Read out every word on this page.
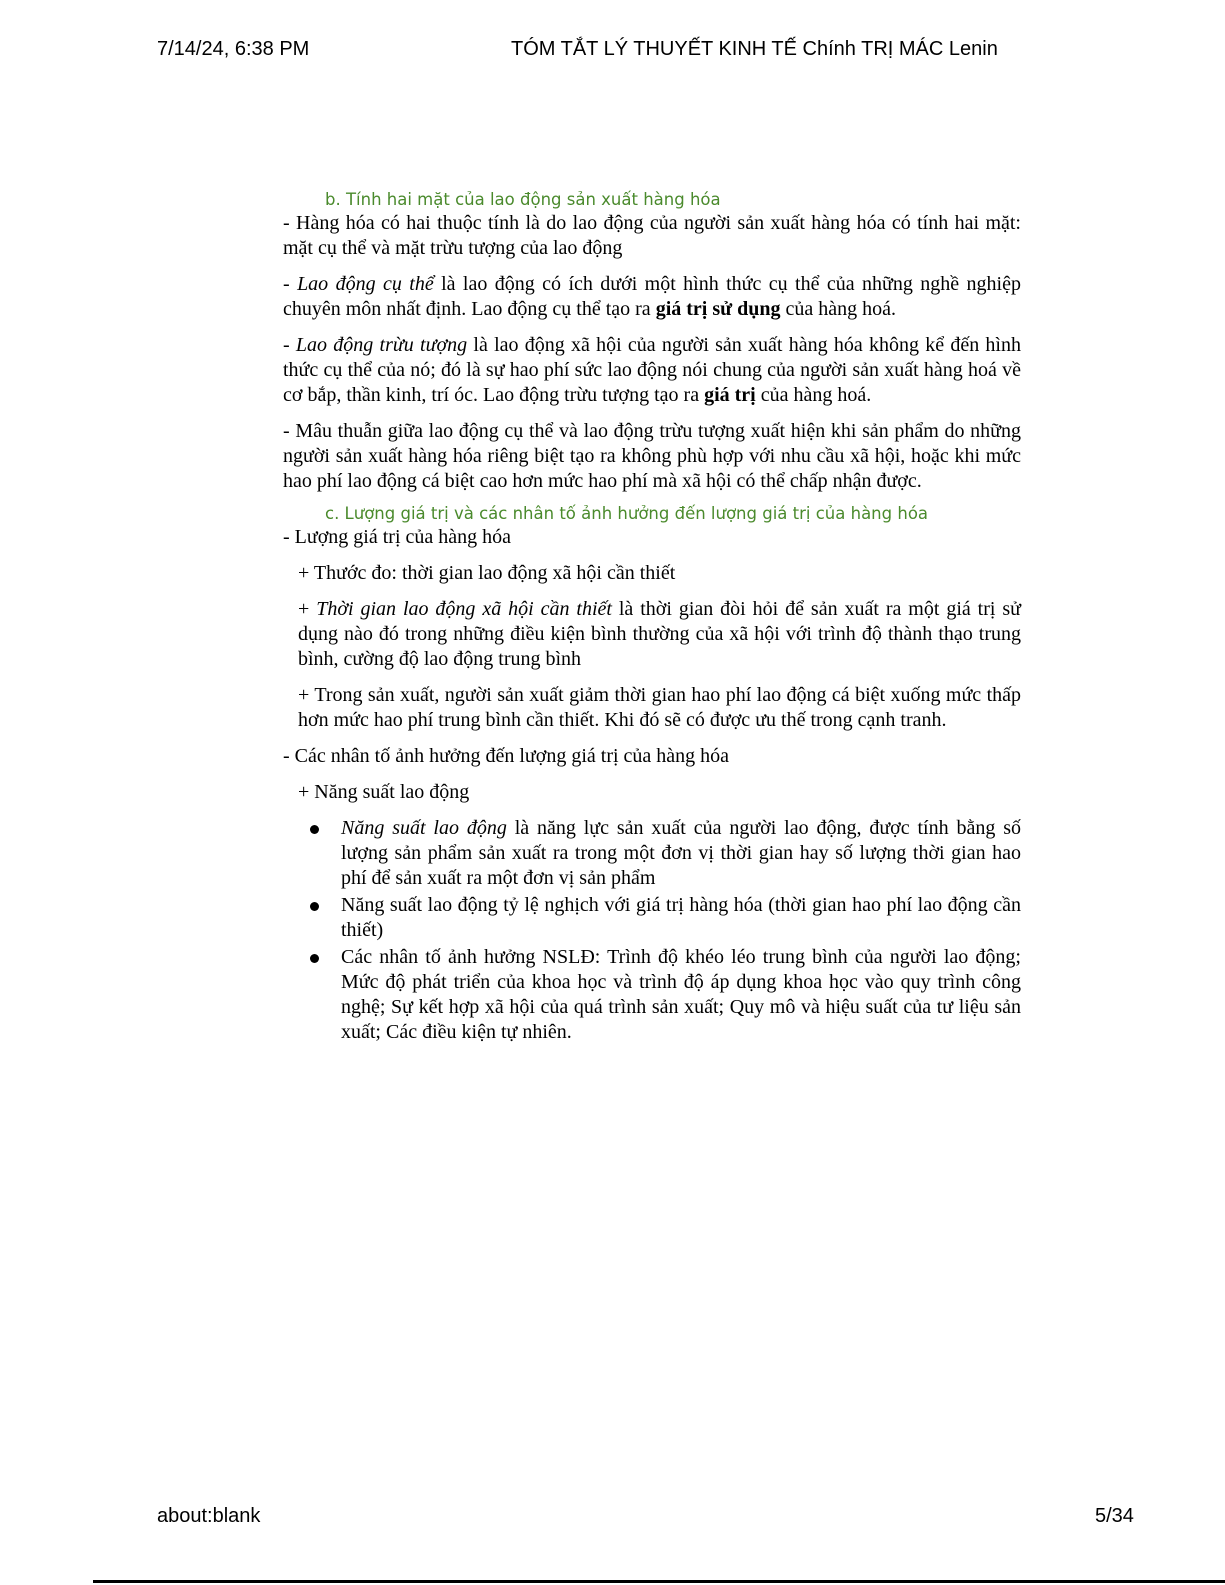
7/14/24, 6:38 PM	TÓM TẮT LÝ THUYẾT KINH TẾ Chính TRỊ MÁC Lenin
b. Tính hai mặt của lao động sản xuất hàng hóa

- Hàng hóa có hai thuộc tính là do lao động của người sản xuất hàng hóa có tính hai mặt: mặt cụ thể và mặt trừu tượng của lao động

- Lao động cụ thể là lao động có ích dưới một hình thức cụ thể của những nghề nghiệp chuyên môn nhất định. Lao động cụ thể tạo ra giá trị sử dụng của hàng hoá.

- Lao động trừu tượng là lao động xã hội của người sản xuất hàng hóa không kể đến hình thức cụ thể của nó; đó là sự hao phí sức lao động nói chung của người sản xuất hàng hoá về cơ bắp, thần kinh, trí óc. Lao động trừu tượng tạo ra giá trị của hàng hoá.

- Mâu thuẫn giữa lao động cụ thể và lao động trừu tượng xuất hiện khi sản phẩm do những người sản xuất hàng hóa riêng biệt tạo ra không phù hợp với nhu cầu xã hội, hoặc khi mức hao phí lao động cá biệt cao hơn mức hao phí mà xã hội có thể chấp nhận được.

c. Lượng giá trị và các nhân tố ảnh hưởng đến lượng giá trị của hàng hóa

- Lượng giá trị của hàng hóa

+ Thước đo: thời gian lao động xã hội cần thiết

+ Thời gian lao động xã hội cần thiết là thời gian đòi hỏi để sản xuất ra một giá trị sử dụng nào đó trong những điều kiện bình thường của xã hội với trình độ thành thạo trung bình, cường độ lao động trung bình

+ Trong sản xuất, người sản xuất giảm thời gian hao phí lao động cá biệt xuống mức thấp hơn mức hao phí trung bình cần thiết. Khi đó sẽ có được ưu thế trong cạnh tranh.

- Các nhân tố ảnh hưởng đến lượng giá trị của hàng hóa

+ Năng suất lao động

Năng suất lao động là năng lực sản xuất của người lao động, được tính bằng số lượng sản phẩm sản xuất ra trong một đơn vị thời gian hay số lượng thời gian hao phí để sản xuất ra một đơn vị sản phẩm
Năng suất lao động tỷ lệ nghịch với giá trị hàng hóa (thời gian hao phí lao động cần thiết)
Các nhân tố ảnh hưởng NSLĐ: Trình độ khéo léo trung bình của người lao động; Mức độ phát triển của khoa học và trình độ áp dụng khoa học vào quy trình công nghệ; Sự kết hợp xã hội của quá trình sản xuất; Quy mô và hiệu suất của tư liệu sản xuất; Các điều kiện tự nhiên.
about:blank	5/34
